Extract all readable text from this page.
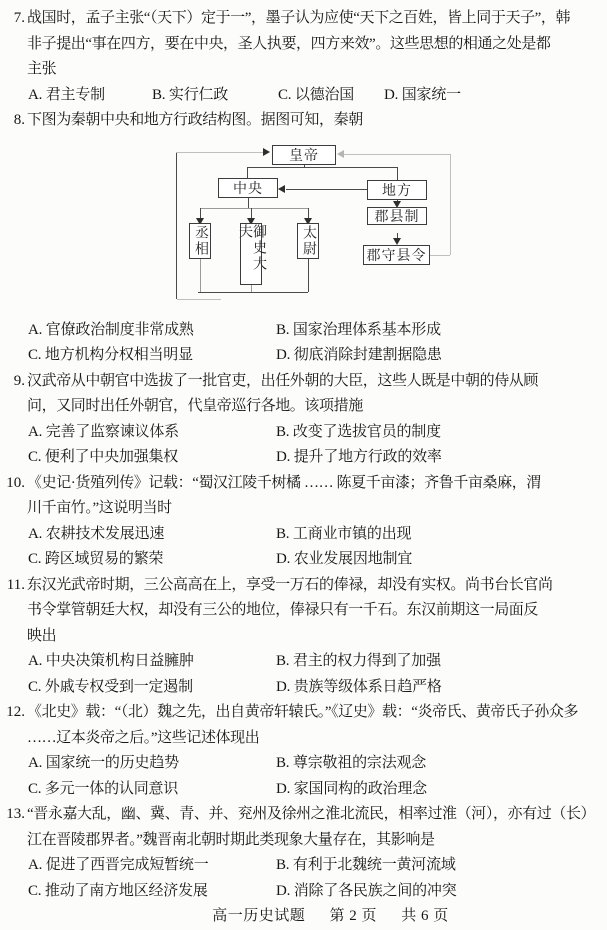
7. 战国时，孟子主张“（天下）定于一”，墨子认为应使“天下之百姓，皆上同于天子”，韩
非子提出“事在四方，要在中央，圣人执要，四方来效”。这些思想的相通之处是都
主张
A. 君主专制	B. 实行仁政	C. 以德治国 D. 国家统一
8. 下图为秦朝中央和地方行政结构图。据图可知，秦朝
皇帝
中央	地方
郡县制
郡守县令
丞相	御史大夫	太尉
A. 官僚政治制度非常成熟	B. 国家治理体系基本形成
C. 地方机构分权相当明显	D. 彻底消除封建割据隐患
9. 汉武帝从中朝官中选拔了一批官吏，出任外朝的大臣，这些人既是中朝的侍从顾
问，又同时出任外朝官，代皇帝巡行各地。该项措施
A. 完善了监察谏议体系	B. 改变了选拔官员的制度
C. 便利了中央加强集权	D. 提升了地方行政的效率
10. 《史记·货殖列传》记载：“蜀汉江陵千树橘 …… 陈夏千亩漆；齐鲁千亩桑麻，渭
川千亩竹。”这说明当时
A. 农耕技术发展迅速	B. 工商业市镇的出现
C. 跨区域贸易的繁荣	D. 农业发展因地制宜
11. 东汉光武帝时期，三公高高在上，享受一万石的俸禄，却没有实权。尚书台长官尚
书令掌管朝廷大权，却没有三公的地位，俸禄只有一千石。东汉前期这一局面反
映出
A. 中央决策机构日益臃肿	B. 君主的权力得到了加强
C. 外戚专权受到一定遏制	D. 贵族等级体系日趋严格
12. 《北史》载：“（北）魏之先，出自黄帝轩辕氏。”《辽史》载：“炎帝氏、黄帝氏子孙众多
……辽本炎帝之后。”这些记述体现出
A. 国家统一的历史趋势	B. 尊宗敬祖的宗法观念
C. 多元一体的认同意识	D. 家国同构的政治理念
13. “晋永嘉大乱，幽、冀、青、并、兖州及徐州之淮北流民，相率过淮（河），亦有过（长）
江在晋陵郡界者。”魏晋南北朝时期此类现象大量存在，其影响是
A. 促进了西晋完成短暂统一	B. 有利于北魏统一黄河流域
C. 推动了南方地区经济发展	D. 消除了各民族之间的冲突
高一历史试题 第 2 页 共 6 页
